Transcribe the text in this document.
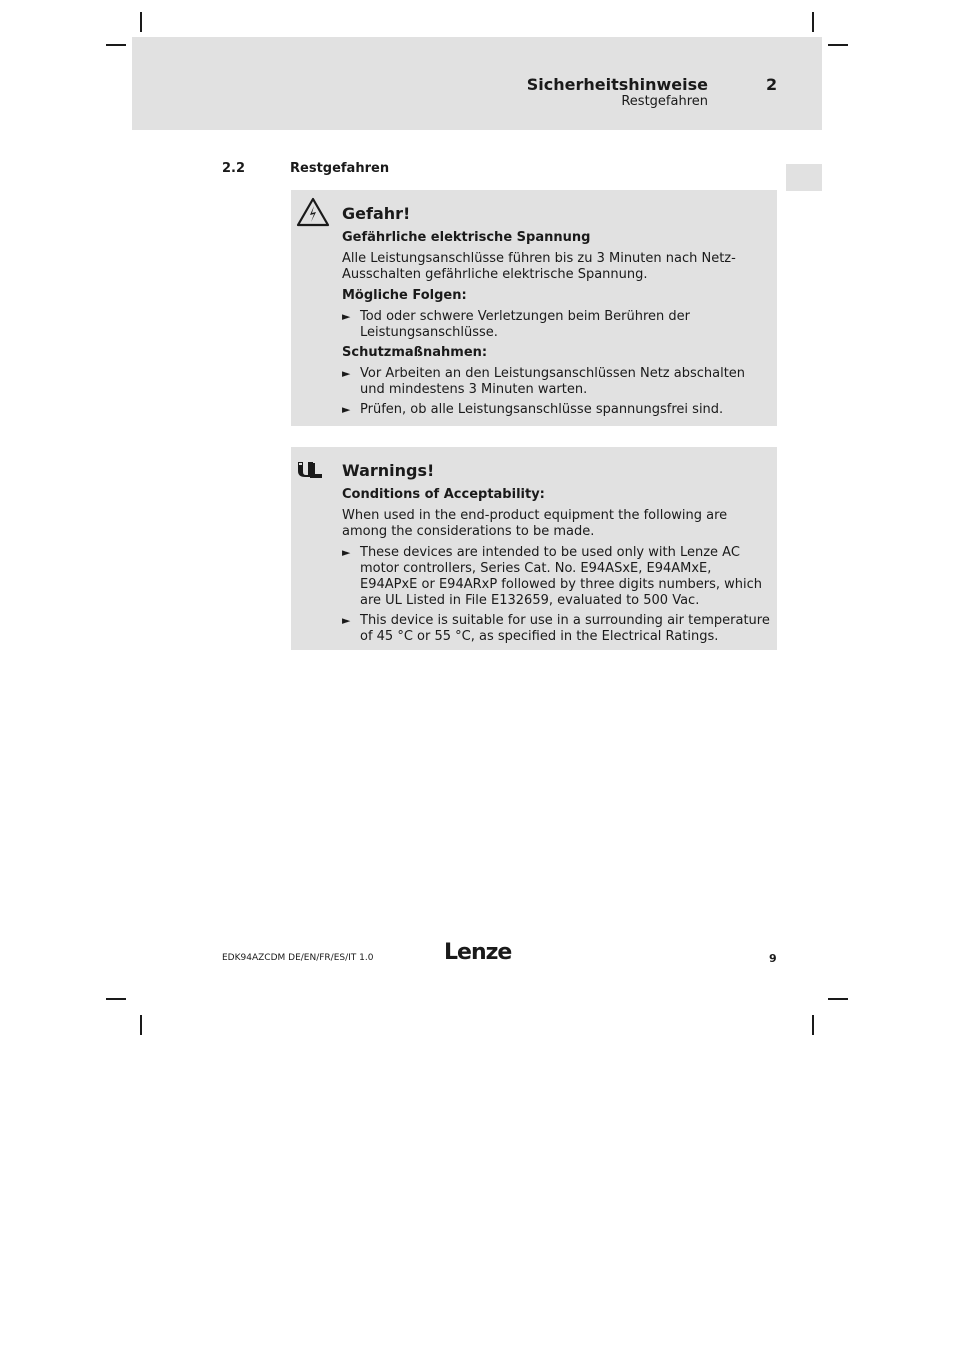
Sicherheitshinweise
Restgefahren
2
2.2	Restgefahren
Gefahr!
Gefährliche elektrische Spannung
Alle Leistungsanschlüsse führen bis zu 3 Minuten nach Netz-Ausschalten gefährliche elektrische Spannung.
Mögliche Folgen:
► Tod oder schwere Verletzungen beim Berühren der Leistungsanschlüsse.
Schutzmaßnahmen:
► Vor Arbeiten an den Leistungsanschlüssen Netz abschalten und mindestens 3 Minuten warten.
► Prüfen, ob alle Leistungsanschlüsse spannungsfrei sind.
Warnings!
Conditions of Acceptability:
When used in the end-product equipment the following are among the considerations to be made.
► These devices are intended to be used only with Lenze AC motor controllers, Series Cat. No. E94ASxE, E94AMxE, E94APxE or E94ARxP followed by three digits numbers, which are UL Listed in File E132659, evaluated to 500 Vac.
► This device is suitable for use in a surrounding air temperature of 45 °C or 55 °C, as specified in the Electrical Ratings.
EDK94AZCDM DE/EN/FR/ES/IT 1.0	Lenze	9
